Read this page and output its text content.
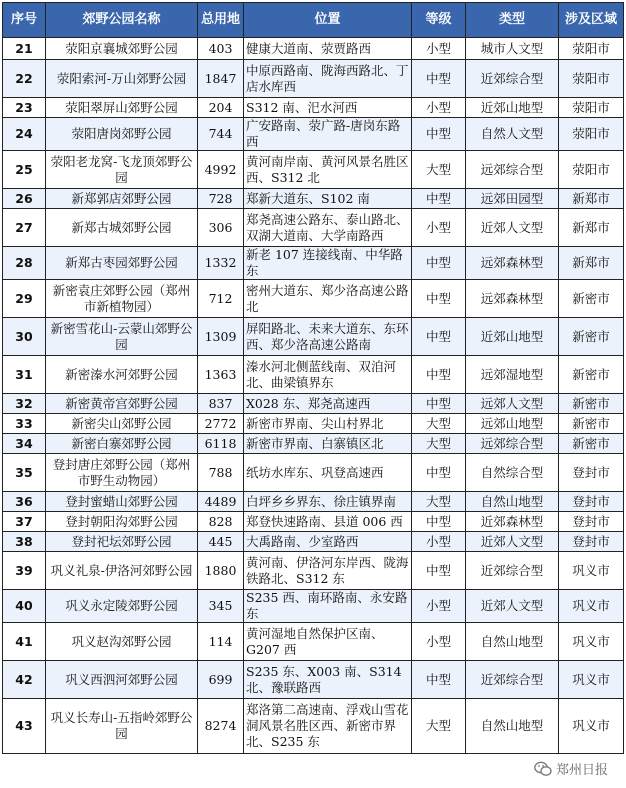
序号	郊野公园名称	总用地	位置	等级	类型	涉及区域
21	荥阳京襄城郊野公园	403	健康大道南、荥贾路西	小型	城市人文型	荥阳市
22	荥阳索河-万山郊野公园	1847	中原西路南、陇海西路北、丁店水库西	中型	近郊综合型	荥阳市
23	荥阳翠屏山郊野公园	204	S312 南、汜水河西	小型	近郊山地型	荥阳市
24	荥阳唐岗郊野公园	744	广安路南、荥广路-唐岗东路西	中型	自然人文型	荥阳市
25	荥阳老龙窝-飞龙顶郊野公园	4992	黄河南岸南、黄河风景名胜区西、S312 北	大型	远郊综合型	荥阳市
26	新郑郭店郊野公园	728	郑新大道东、S102 南	中型	远郊田园型	新郑市
27	新郑古城郊野公园	306	郑尧高速公路东、泰山路北、双湖大道南、大学南路西	小型	近郊人文型	新郑市
28	新郑古枣园郊野公园	1332	新老 107 连接线南、中华路东	中型	远郊森林型	新郑市
29	新密袁庄郊野公园（郑州市新植物园）	712	密州大道东、郑少洛高速公路北	中型	远郊森林型	新密市
30	新密雪花山-云蒙山郊野公园	1309	屏阳路北、未来大道东、东环西、郑少洛高速公路南	中型	近郊山地型	新密市
31	新密溱水河郊野公园	1363	溱水河北侧蓝线南、双洎河北、曲梁镇界东	中型	远郊湿地型	新密市
32	新密黄帝宫郊野公园	837	X028 东、郑尧高速西	中型	远郊人文型	新密市
33	新密尖山郊野公园	2772	新密市界南、尖山村界北	大型	远郊山地型	新密市
34	新密白寨郊野公园	6118	新密市界南、白寨镇区北	大型	远郊综合型	新密市
35	登封唐庄郊野公园（郑州市野生动物园）	788	纸坊水库东、巩登高速西	中型	自然综合型	登封市
36	登封蜜蜡山郊野公园	4489	白坪乡乡界东、徐庄镇界南	大型	自然山地型	登封市
37	登封朝阳沟郊野公园	828	郑登快速路南、县道 006 西	中型	近郊森林型	登封市
38	登封祀坛郊野公园	445	大禹路南、少室路西	小型	近郊人文型	登封市
39	巩义礼泉-伊洛河郊野公园	1880	黄河南、伊洛河东岸西、陇海铁路北、S312 东	中型	近郊综合型	巩义市
40	巩义永定陵郊野公园	345	S235 西、南环路南、永安路东	小型	近郊人文型	巩义市
41	巩义赵沟郊野公园	114	黄河湿地自然保护区南、G207 西	小型	自然山地型	巩义市
42	巩义西泗河郊野公园	699	S235 东、X003 南、S314 北、豫联路西	中型	近郊综合型	巩义市
43	巩义长寿山-五指岭郊野公园	8274	郑洛第二高速南、浮戏山雪花洞风景名胜区西、新密市界北、S235 东	大型	自然山地型	巩义市
郑州日报
